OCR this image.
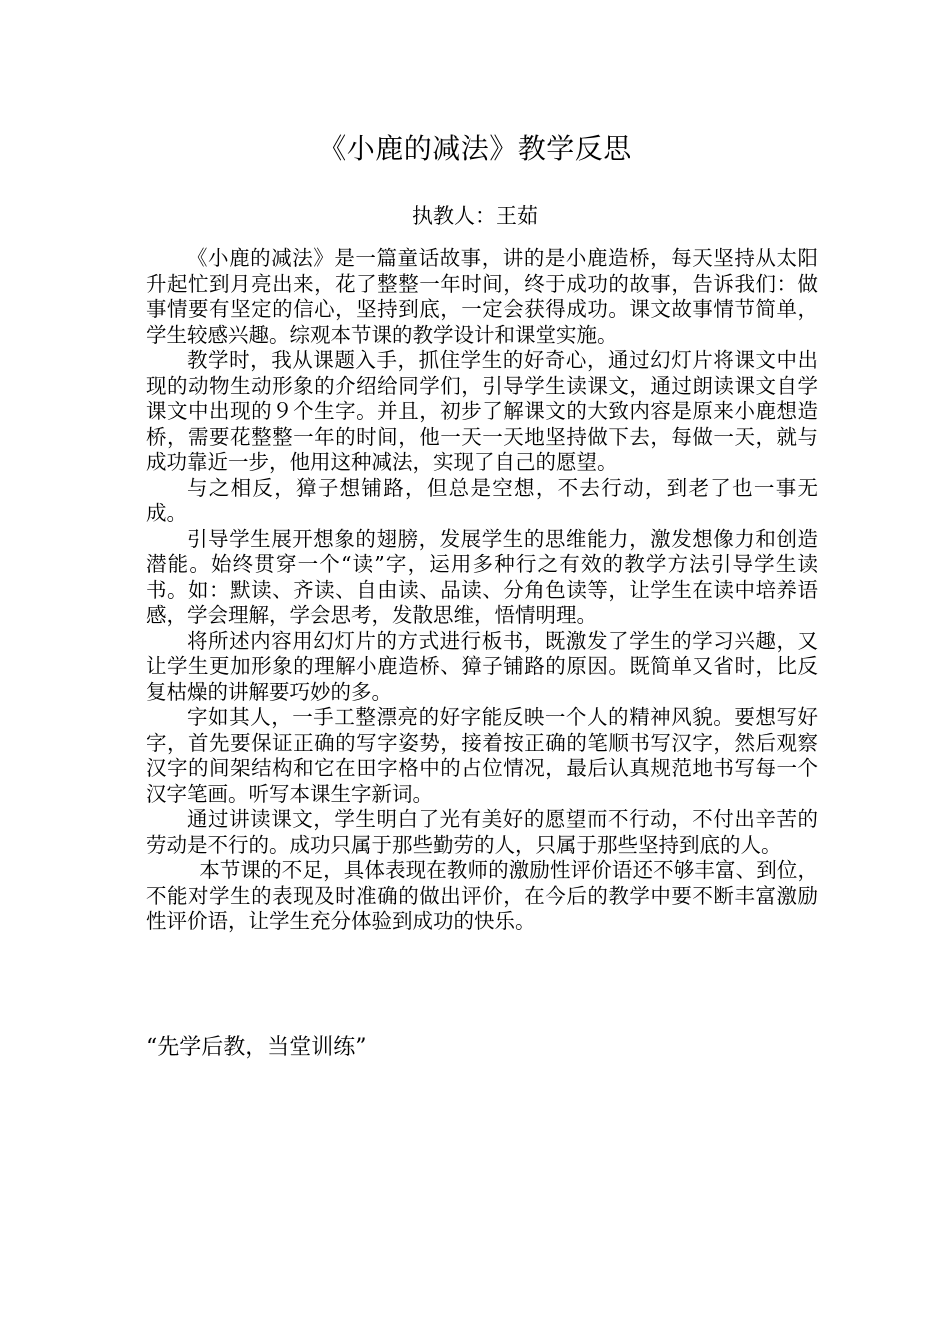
《小鹿的减法》教学反思
执教人：王茹

《小鹿的减法》是一篇童话故事，讲的是小鹿造桥，每天坚持从太阳升起忙到月亮出来，花了整整一年时间，终于成功的故事，告诉我们：做事情要有坚定的信心，坚持到底，一定会获得成功。课文故事情节简单，学生较感兴趣。综观本节课的教学设计和课堂实施。

教学时，我从课题入手，抓住学生的好奇心，通过幻灯片将课文中出现的动物生动形象的介绍给同学们，引导学生读课文，通过朗读课文自学课文中出现的９个生字。并且，初步了解课文的大致内容是原来小鹿想造桥，需要花整整一年的时间，他一天一天地坚持做下去，每做一天，就与成功靠近一步，他用这种减法，实现了自己的愿望。

与之相反，獐子想铺路，但总是空想，不去行动，到老了也一事无成。

引导学生展开想象的翅膀，发展学生的思维能力，激发想像力和创造潜能。始终贯穿一个“读”字，运用多种行之有效的教学方法引导学生读书。如：默读、齐读、自由读、品读、分角色读等，让学生在读中培养语感，学会理解，学会思考，发散思维，悟情明理。

将所述内容用幻灯片的方式进行板书，既激发了学生的学习兴趣，又让学生更加形象的理解小鹿造桥、獐子铺路的原因。既简单又省时，比反复枯燥的讲解要巧妙的多。

字如其人，一手工整漂亮的好字能反映一个人的精神风貌。要想写好字，首先要保证正确的写字姿势，接着按正确的笔顺书写汉字，然后观察汉字的间架结构和它在田字格中的占位情况，最后认真规范地书写每一个汉字笔画。听写本课生字新词。

通过讲读课文，学生明白了光有美好的愿望而不行动，不付出辛苦的劳动是不行的。成功只属于那些勤劳的人，只属于那些坚持到底的人。

本节课的不足，具体表现在教师的激励性评价语还不够丰富、到位，不能对学生的表现及时准确的做出评价，在今后的教学中要不断丰富激励性评价语，让学生充分体验到成功的快乐。

“先学后教，当堂训练”
